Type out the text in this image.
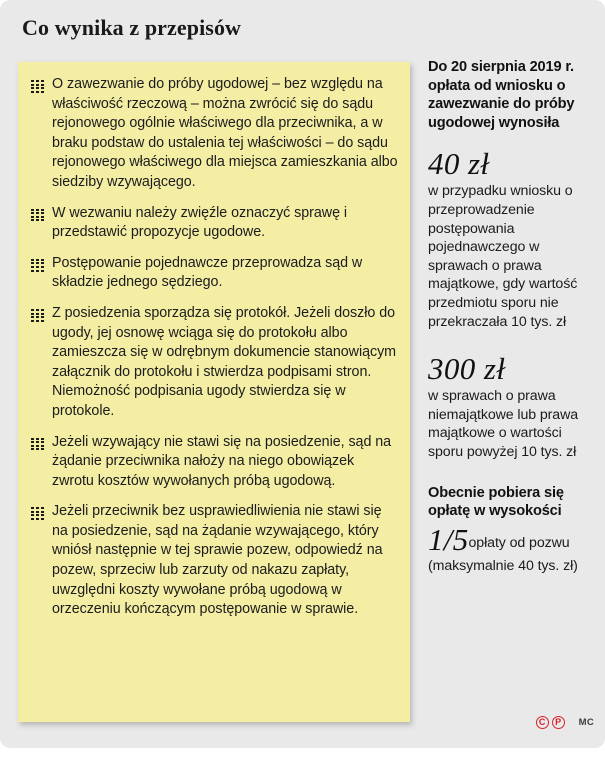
Co wynika z przepisów
O zawezwanie do próby ugodowej – bez względu na właściwość rzeczową – można zwrócić się do sądu rejonowego ogólnie właściwego dla przeciwnika, a w braku podstaw do ustalenia tej właściwości – do sądu rejonowego właściwego dla miejsca zamieszkania albo siedziby wzywającego.
W wezwaniu należy zwięźle oznaczyć sprawę i przedstawić propozycje ugodowe.
Postępowanie pojednawcze przeprowadza sąd w składzie jednego sędziego.
Z posiedzenia sporządza się protokół. Jeżeli doszło do ugody, jej osnowę wciąga się do protokołu albo zamieszcza się w odrębnym dokumencie stanowiącym załącznik do protokołu i stwierdza podpisami stron. Niemożność podpisania ugody stwierdza się w protokole.
Jeżeli wzywający nie stawi się na posiedzenie, sąd na żądanie przeciwnika nałoży na niego obowiązek zwrotu kosztów wywołanych próbą ugodową.
Jeżeli przeciwnik bez usprawiedliwienia nie stawi się na posiedzenie, sąd na żądanie wzywającego, który wniósł następnie w tej sprawie pozew, odpowiedź na pozew, sprzeciw lub zarzuty od nakazu zapłaty, uwzględni koszty wywołane próbą ugodową w orzeczeniu kończącym postępowanie w sprawie.
Do 20 sierpnia 2019 r. opłata od wniosku o zawezwanie do próby ugodowej wynosiła
40 zł
w przypadku wniosku o przeprowadzenie postępowania pojednawczego w sprawach o prawa majątkowe, gdy wartość przedmiotu sporu nie przekraczała 10 tys. zł
300 zł
w sprawach o prawa niemajątkowe lub prawa majątkowe o wartości sporu powyżej 10 tys. zł
Obecnie pobiera się opłatę w wysokości
1/5opłaty od pozwu (maksymalnie 40 tys. zł)
C	P	MC
